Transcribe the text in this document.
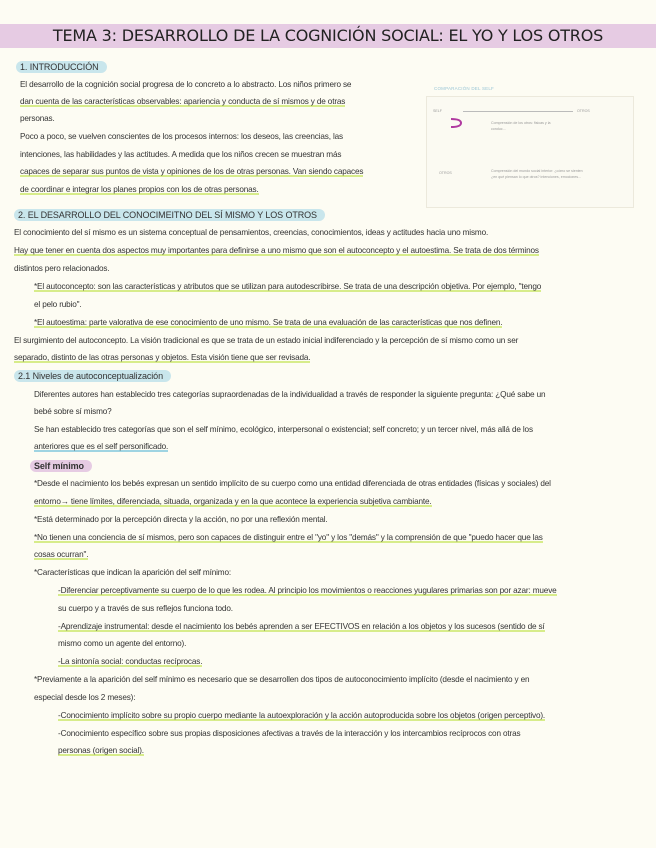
TEMA 3: DESARROLLO DE LA COGNICIÓN SOCIAL: EL YO Y LOS OTROS
1. INTRODUCCIÓN
El desarrollo de la cognición social progresa de lo concreto a lo abstracto. Los niños primero se
dan cuenta de las características observables: apariencia y conducta de sí mismos y de otras
personas.
Poco a poco, se vuelven conscientes de los procesos internos: los deseos, las creencias, las
intenciones, las habilidades y las actitudes. A medida que los niños crecen se muestran más
capaces de separar sus puntos de vista y opiniones de los de otras personas. Van siendo capaces
de coordinar e integrar los planes propios con los de otras personas.
COMPARACIÓN DEL SELF
SELF	OTROS
Comprensión de los otros: fisicas y la
conduc...
OTROS	Comprensión del mundo social interior: ¿cómo se sienten
¿en qué piensan lo que otros? intenciones, emociones...
2. EL DESARROLLO DEL CONOCIMEITNO DEL SÍ MISMO Y LOS OTROS
El conocimiento del sí mismo es un sistema conceptual de pensamientos, creencias, conocimientos, ideas y actitudes hacia uno mismo.
Hay que tener en cuenta dos aspectos muy importantes para definirse a uno mismo que son el autoconcepto y el autoestima. Se trata de dos términos
distintos pero relacionados.
*El autoconcepto: son las características y atributos que se utilizan para autodescribirse. Se trata de una descripción objetiva. Por ejemplo, "tengo
el pelo rubio".
*El autoestima: parte valorativa de ese conocimiento de uno mismo. Se trata de una evaluación de las características que nos definen.
El surgimiento del autoconcepto. La visión tradicional es que se trata de un estado inicial indiferenciado y la percepción de sí mismo como un ser
separado, distinto de las otras personas y objetos. Esta visión tiene que ser revisada.
2.1 Niveles de autoconceptualización
Diferentes autores han establecido tres categorías supraordenadas de la individualidad a través de responder la siguiente pregunta: ¿Qué sabe un
bebé sobre sí mismo?
Se han establecido tres categorías que son el self mínimo, ecológico, interpersonal o existencial; self concreto; y un tercer nivel, más allá de los
anteriores que es el self personificado.
Self mínimo
*Desde el nacimiento los bebés expresan un sentido implícito de su cuerpo como una entidad diferenciada de otras entidades (físicas y sociales) del
entorno→ tiene límites, diferenciada, situada, organizada y en la que acontece la experiencia subjetiva cambiante.
*Está determinado por la percepción directa y la acción, no por una reflexión mental.
*No tienen una conciencia de sí mismos, pero son capaces de distinguir entre el "yo" y los "demás" y la comprensión de que "puedo hacer que las
cosas ocurran".
*Características que indican la aparición del self mínimo:
-Diferenciar perceptivamente su cuerpo de lo que les rodea. Al principio los movimientos o reacciones yugulares primarias son por azar: mueve
su cuerpo y a través de sus reflejos funciona todo.
-Aprendizaje instrumental: desde el nacimiento los bebés aprenden a ser EFECTIVOS en relación a los objetos y los sucesos (sentido de sí
mismo como un agente del entorno).
-La sintonía social: conductas recíprocas.
*Previamente a la aparición del self mínimo es necesario que se desarrollen dos tipos de autoconocimiento implícito (desde el nacimiento y en
especial desde los 2 meses):
-Conocimiento implícito sobre su propio cuerpo mediante la autoexploración y la acción autoproducida sobre los objetos (origen perceptivo).
-Conocimiento específico sobre sus propias disposiciones afectivas a través de la interacción y los intercambios recíprocos con otras
personas (origen social).
